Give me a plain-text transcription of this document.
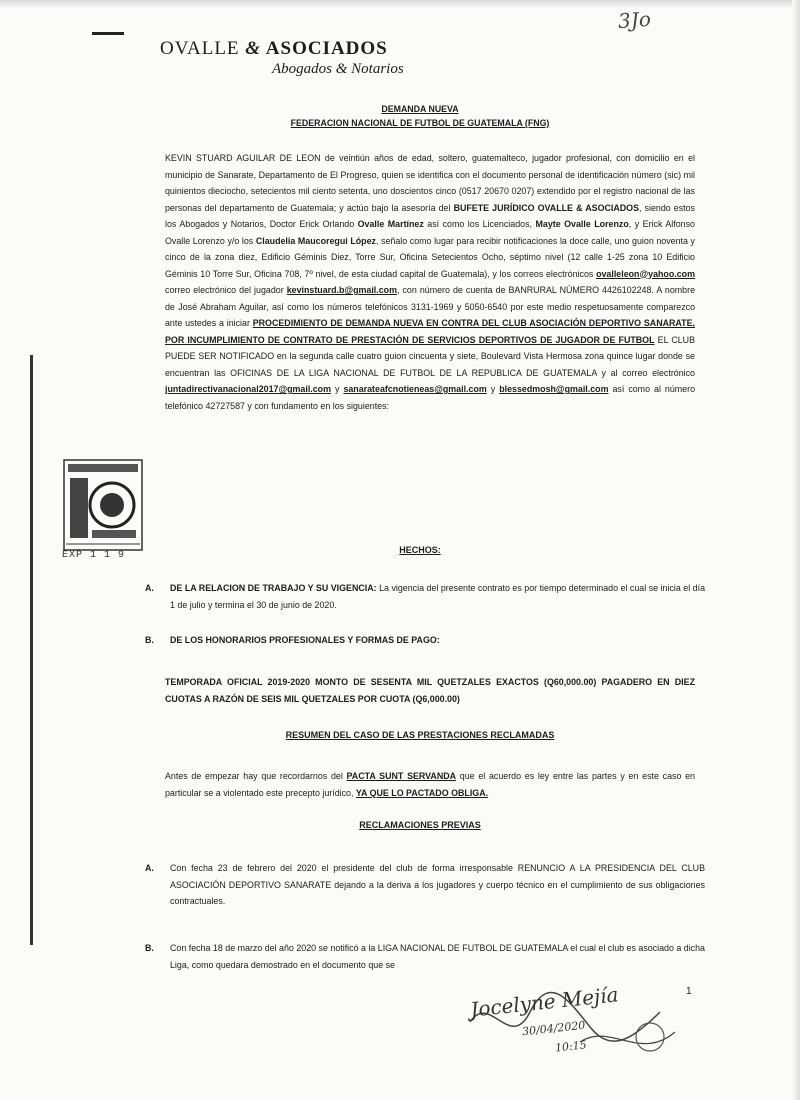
3Jo
OVALLE & ASOCIADOS
Abogados & Notarios
DEMANDA NUEVA
FEDERACION NACIONAL DE FUTBOL DE GUATEMALA (FNG)
KEVIN STUARD AGUILAR DE LEON de veintiún años de edad, soltero, guatemalteco, jugador profesional, con domicilio en el municipio de Sanarate, Departamento de El Progreso, quien se identifica con el documento personal de identificación número (sic) mil quinientos dieciocho, setecientos mil ciento setenta, uno doscientos cinco (0517 20670 0207) extendido por el registro nacional de las personas del departamento de Guatemala; y actúo bajo la asesoría del BUFETE JURÍDICO OVALLE & ASOCIADOS, siendo estos los Abogados y Notarios, Doctor Erick Orlando Ovalle Martínez así como los Licenciados, Mayte Ovalle Lorenzo, y Erick Alfonso Ovalle Lorenzo y/o los Claudelia Maucoregui López, señalo como lugar para recibir notificaciones la doce calle, uno guion noventa y cinco de la zona diez, Edificio Géminis Diez, Torre Sur, Oficina Setecientos Ocho, séptimo nivel (12 calle 1-25 zona 10 Edificio Géminis 10 Torre Sur, Oficina 708, 7º nivel, de esta ciudad capital de Guatemala), y los correos electrónicos ovalleleon@yahoo.com correo electrónico del jugador kevinstuard.b@gmail.com, con número de cuenta de BANRURAL NÚMERO 4426102248. A nombre de José Abraham Aguilar, así como los números telefónicos 3131-1969 y 5050-6540 por este medio respetuosamente comparezco ante ustedes a iniciar PROCEDIMIENTO DE DEMANDA NUEVA EN CONTRA DEL CLUB ASOCIACIÓN DEPORTIVO SANARATE, POR INCUMPLIMIENTO DE CONTRATO DE PRESTACIÓN DE SERVICIOS DEPORTIVOS DE JUGADOR DE FUTBOL EL CLUB PUEDE SER NOTIFICADO en la segunda calle cuatro guion cincuenta y siete, Boulevard Vista Hermosa zona quince lugar donde se encuentran las OFICINAS DE LA LIGA NACIONAL DE FUTBOL DE LA REPUBLICA DE GUATEMALA y al correo electrónico juntadirectivanacional2017@gmail.com y sanarateafcnotieneas@gmail.com y blessedmosh@gmail.com así como al número telefónico 42727587 y con fundamento en los siguientes:
EXP 1 1 9	HECHOS:
A. DE LA RELACION DE TRABAJO Y SU VIGENCIA: La vigencia del presente contrato es por tiempo determinado el cual se inicia el día 1 de julio y termina el 30 de junio de 2020.
B. DE LOS HONORARIOS PROFESIONALES Y FORMAS DE PAGO:
TEMPORADA OFICIAL 2019-2020 MONTO DE SESENTA MIL QUETZALES EXACTOS (Q60,000.00) PAGADERO EN DIEZ CUOTAS A RAZÓN DE SEIS MIL QUETZALES POR CUOTA (Q6,000.00)
RESUMEN DEL CASO DE LAS PRESTACIONES RECLAMADAS
Antes de empezar hay que recordarnos del PACTA SUNT SERVANDA que el acuerdo es ley entre las partes y en este caso en particular se a violentado este precepto jurídico, YA QUE LO PACTADO OBLIGA.
RECLAMACIONES PREVIAS
A. Con fecha 23 de febrero del 2020 el presidente del club de forma irresponsable RENUNCIO A LA PRESIDENCIA DEL CLUB ASOCIACIÓN DEPORTIVO SANARATE dejando a la deriva a los jugadores y cuerpo técnico en el cumplimiento de sus obligaciones contractuales.
B. Con fecha 18 de marzo del año 2020 se notificó a la LIGA NACIONAL DE FUTBOL DE GUATEMALA el cual el club es asociado a dicha Liga, como quedara demostrado en el documento que se
1
Jocelyne Mejía
30/04/2020
10:15
